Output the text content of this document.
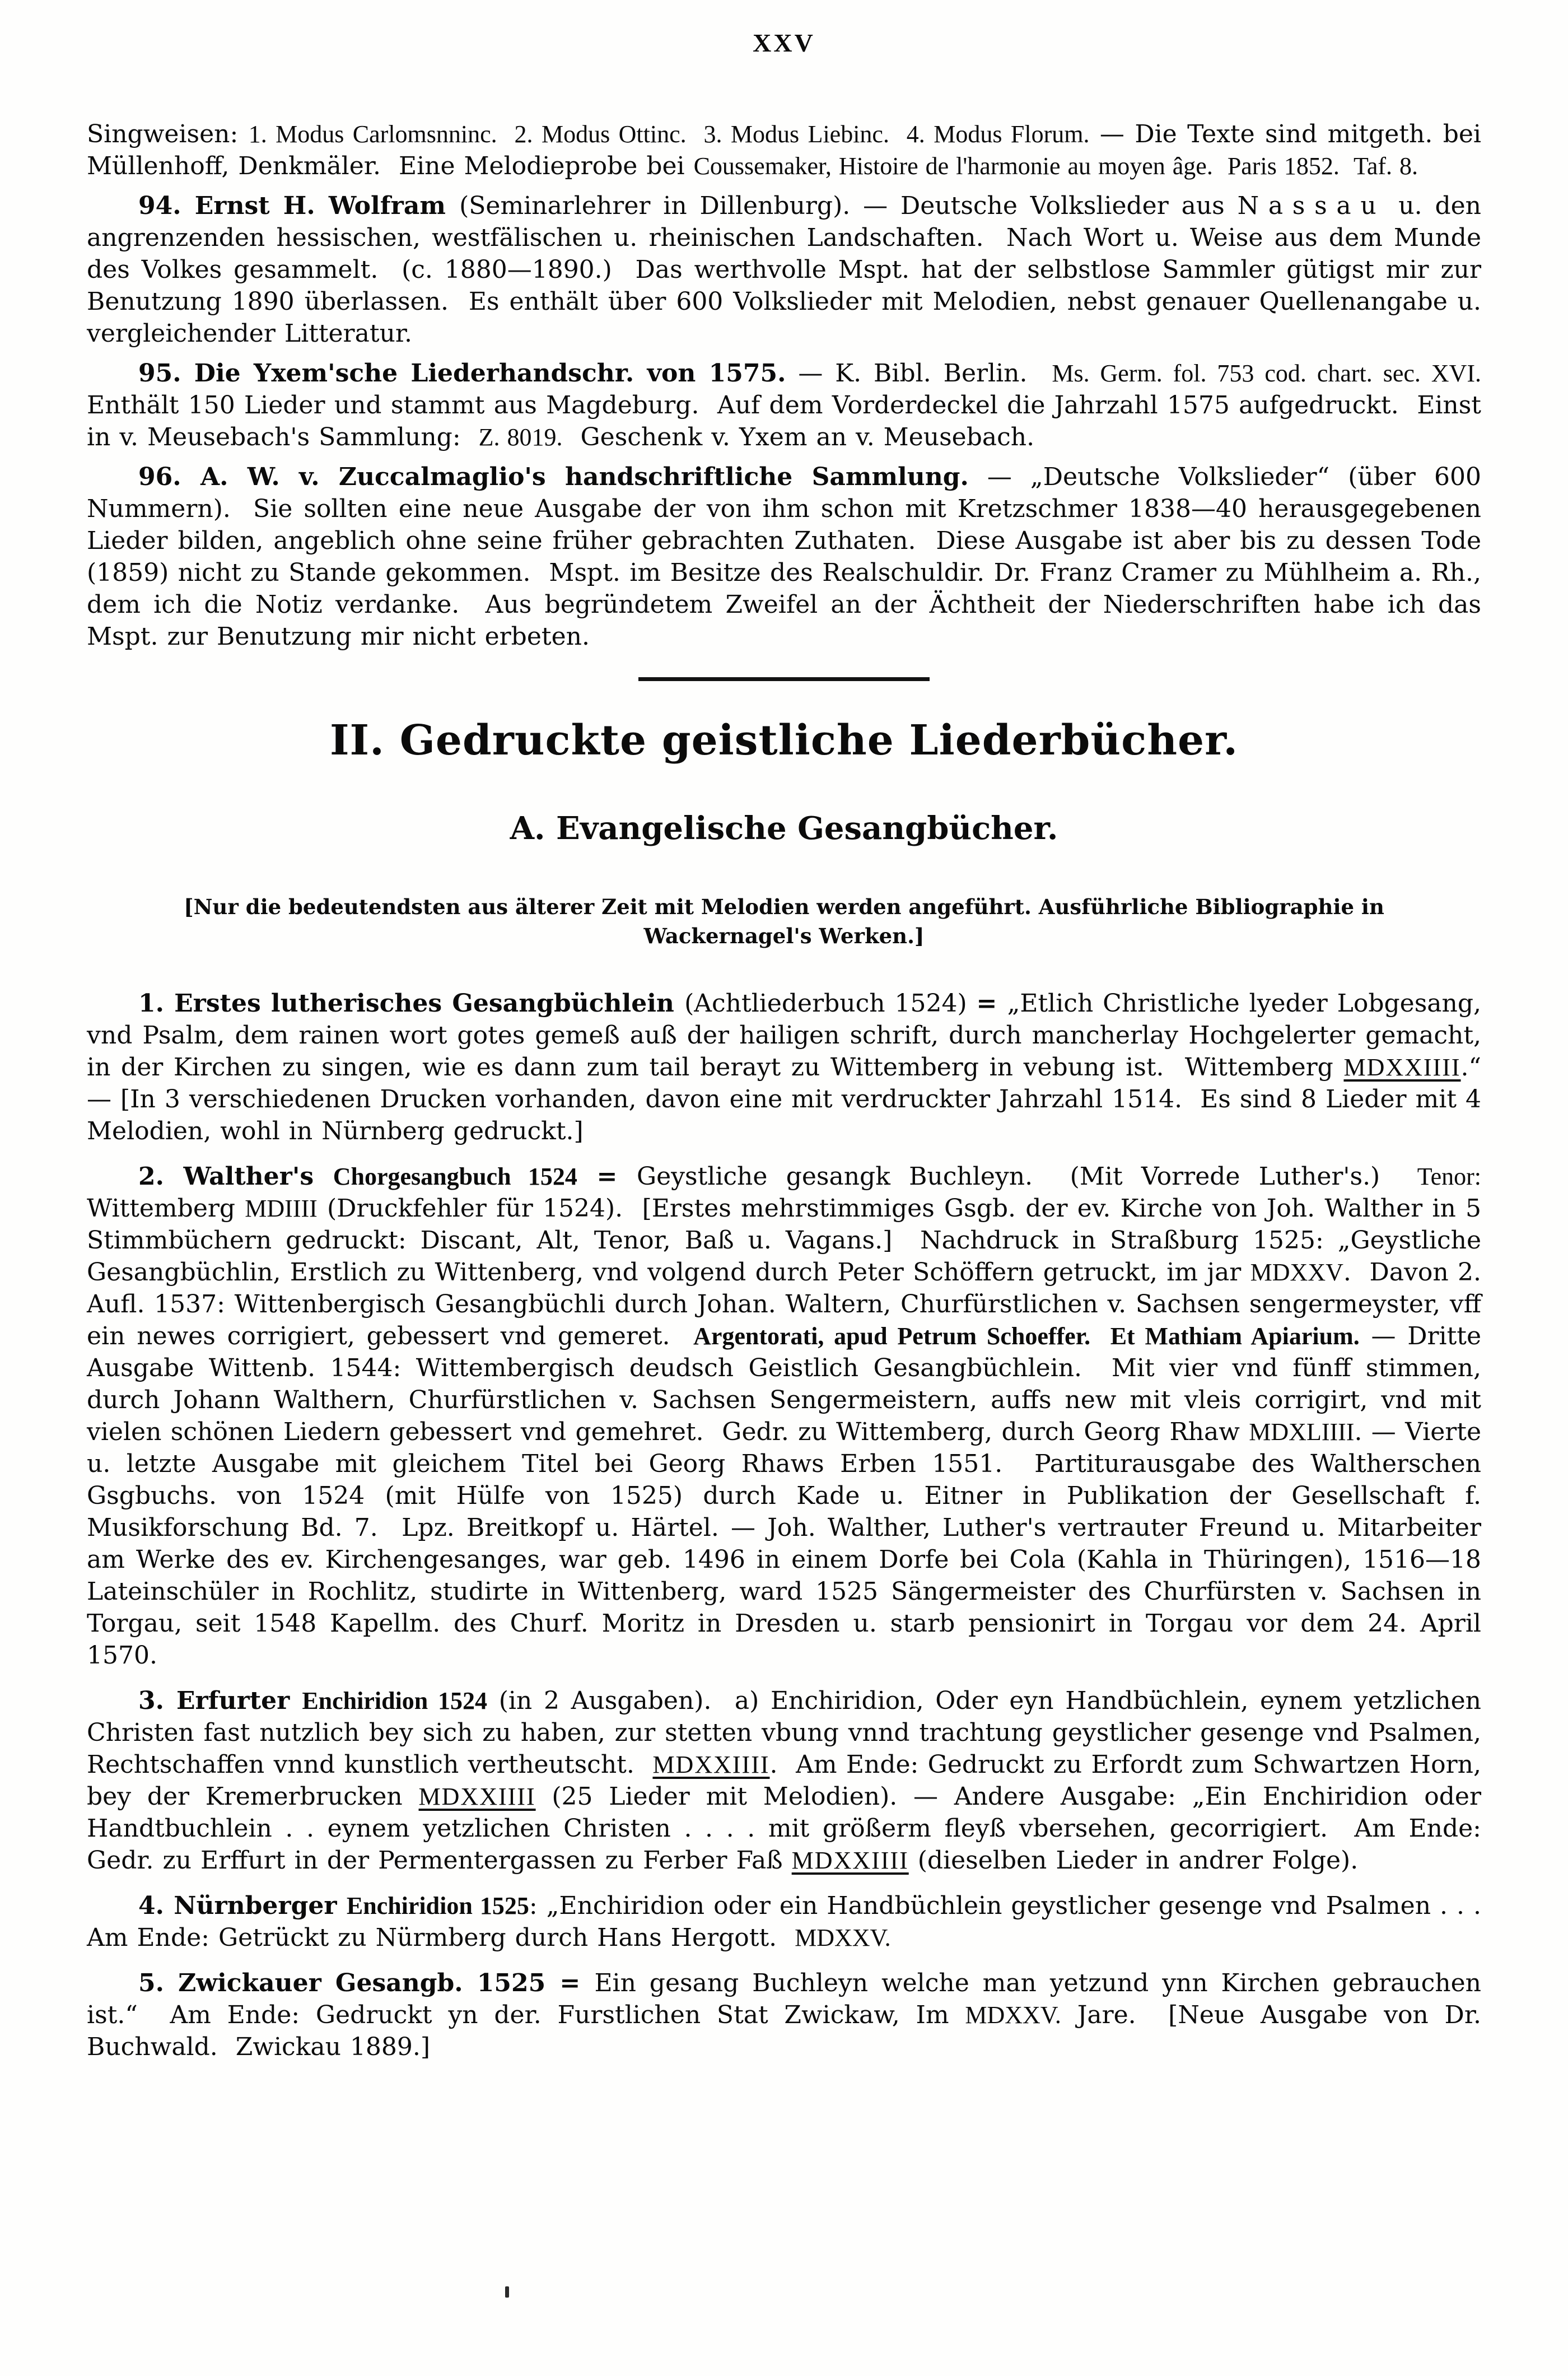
XXV

Singweisen: 1. Modus Carlomsnninc.  2. Modus Ottinc.  3. Modus Liebinc.  4. Modus Florum. — Die Texte sind mitgeth. bei Müllenhoff, Denkmäler.  Eine Melodieprobe bei Coussemaker, Histoire de l'harmonie au moyen âge.  Paris 1852.  Taf. 8.

94. Ernst H. Wolfram (Seminarlehrer in Dillenburg). — Deutsche Volkslieder aus Nassau u. den angrenzenden hessischen, westfälischen u. rheinischen Landschaften.  Nach Wort u. Weise aus dem Munde des Volkes gesammelt.  (c. 1880—1890.)  Das werthvolle Mspt. hat der selbstlose Sammler gütigst mir zur Benutzung 1890 überlassen.  Es enthält über 600 Volkslieder mit Melodien, nebst genauer Quellenangabe u. vergleichender Litteratur.

95. Die Yxem'sche Liederhandschr. von 1575. — K. Bibl. Berlin.  Ms. Germ. fol. 753 cod. chart. sec. XVI.  Enthält 150 Lieder und stammt aus Magdeburg.  Auf dem Vorderdeckel die Jahrzahl 1575 aufgedruckt.  Einst in v. Meusebach's Sammlung:  Z. 8019.  Geschenk v. Yxem an v. Meusebach.

96. A. W. v. Zuccalmaglio's handschriftliche Sammlung. — „Deutsche Volkslieder“ (über 600 Nummern).  Sie sollten eine neue Ausgabe der von ihm schon mit Kretzschmer 1838—40 herausgegebenen Lieder bilden, angeblich ohne seine früher gebrachten Zuthaten.  Diese Ausgabe ist aber bis zu dessen Tode (1859) nicht zu Stande gekommen.  Mspt. im Besitze des Realschuldir. Dr. Franz Cramer zu Mühlheim a. Rh., dem ich die Notiz verdanke.  Aus begründetem Zweifel an der Ächtheit der Niederschriften habe ich das Mspt. zur Benutzung mir nicht erbeten.

II. Gedruckte geistliche Liederbücher.
A. Evangelische Gesangbücher.
[Nur die bedeutendsten aus älterer Zeit mit Melodien werden angeführt. Ausführliche Bibliographie in Wackernagel's Werken.]

1. Erstes lutherisches Gesangbüchlein (Achtliederbuch 1524) = „Etlich Christliche lyeder Lobgesang, vnd Psalm, dem rainen wort gotes gemeß auß der hailigen schrift, durch mancherlay Hochgelerter gemacht, in der Kirchen zu singen, wie es dann zum tail berayt zu Wittemberg in vebung ist.  Wittemberg MDXXIIII.“ — [In 3 verschiedenen Drucken vorhanden, davon eine mit verdruckter Jahrzahl 1514.  Es sind 8 Lieder mit 4 Melodien, wohl in Nürnberg gedruckt.]

2. Walther's Chorgesangbuch 1524 = Geystliche gesangk Buchleyn.  (Mit Vorrede Luther's.)  Tenor: Wittemberg MDIIII (Druckfehler für 1524).  [Erstes mehrstimmiges Gsgb. der ev. Kirche von Joh. Walther in 5 Stimmbüchern gedruckt: Discant, Alt, Tenor, Baß u. Vagans.]  Nachdruck in Straßburg 1525: „Geystliche Gesangbüchlin, Erstlich zu Wittenberg, vnd volgend durch Peter Schöffern getruckt, im jar MDXXV.  Davon 2. Aufl. 1537: Wittenbergisch Gesangbüchli durch Johan. Waltern, Churfürstlichen v. Sachsen sengermeyster, vff ein newes corrigiert, gebessert vnd gemeret.  Argentorati, apud Petrum Schoeffer.  Et Mathiam Apiarium. — Dritte Ausgabe Wittenb. 1544: Wittembergisch deudsch Geistlich Gesangbüchlein.  Mit vier vnd fünff stimmen, durch Johann Walthern, Churfürstlichen v. Sachsen Sengermeistern, auffs new mit vleis corrigirt, vnd mit vielen schönen Liedern gebessert vnd gemehret.  Gedr. zu Wittemberg, durch Georg Rhaw MDXLIIII. — Vierte u. letzte Ausgabe mit gleichem Titel bei Georg Rhaws Erben 1551.  Partiturausgabe des Waltherschen Gsgbuchs. von 1524 (mit Hülfe von 1525) durch Kade u. Eitner in Publikation der Gesellschaft f. Musikforschung Bd. 7.  Lpz. Breitkopf u. Härtel. — Joh. Walther, Luther's vertrauter Freund u. Mitarbeiter am Werke des ev. Kirchengesanges, war geb. 1496 in einem Dorfe bei Cola (Kahla in Thüringen), 1516—18 Lateinschüler in Rochlitz, studirte in Wittenberg, ward 1525 Sängermeister des Churfürsten v. Sachsen in Torgau, seit 1548 Kapellm. des Churf. Moritz in Dresden u. starb pensionirt in Torgau vor dem 24. April 1570.

3. Erfurter Enchiridion 1524 (in 2 Ausgaben).  a) Enchiridion, Oder eyn Handbüchlein, eynem yetzlichen Christen fast nutzlich bey sich zu haben, zur stetten vbung vnnd trachtung geystlicher gesenge vnd Psalmen, Rechtschaffen vnnd kunstlich vertheutscht.  MDXXIIII.  Am Ende: Gedruckt zu Erfordt zum Schwartzen Horn, bey der Kremerbrucken MDXXIIII (25 Lieder mit Melodien). — Andere Ausgabe: „Ein Enchiridion oder Handtbuchlein . . eynem yetzlichen Christen . . . . mit größerm fleyß vbersehen, gecorrigiert.  Am Ende: Gedr. zu Erffurt in der Permentergassen zu Ferber Faß MDXXIIII (dieselben Lieder in andrer Folge).

4. Nürnberger Enchiridion 1525: „Enchiridion oder ein Handbüchlein geystlicher gesenge vnd Psalmen . . .  Am Ende: Getrückt zu Nürmberg durch Hans Hergott.  MDXXV.

5. Zwickauer Gesangb. 1525 = Ein gesang Buchleyn welche man yetzund ynn Kirchen gebrauchen ist.“  Am Ende: Gedruckt yn der. Furstlichen Stat Zwickaw, Im MDXXV. Jare.  [Neue Ausgabe von Dr. Buchwald.  Zwickau 1889.]
